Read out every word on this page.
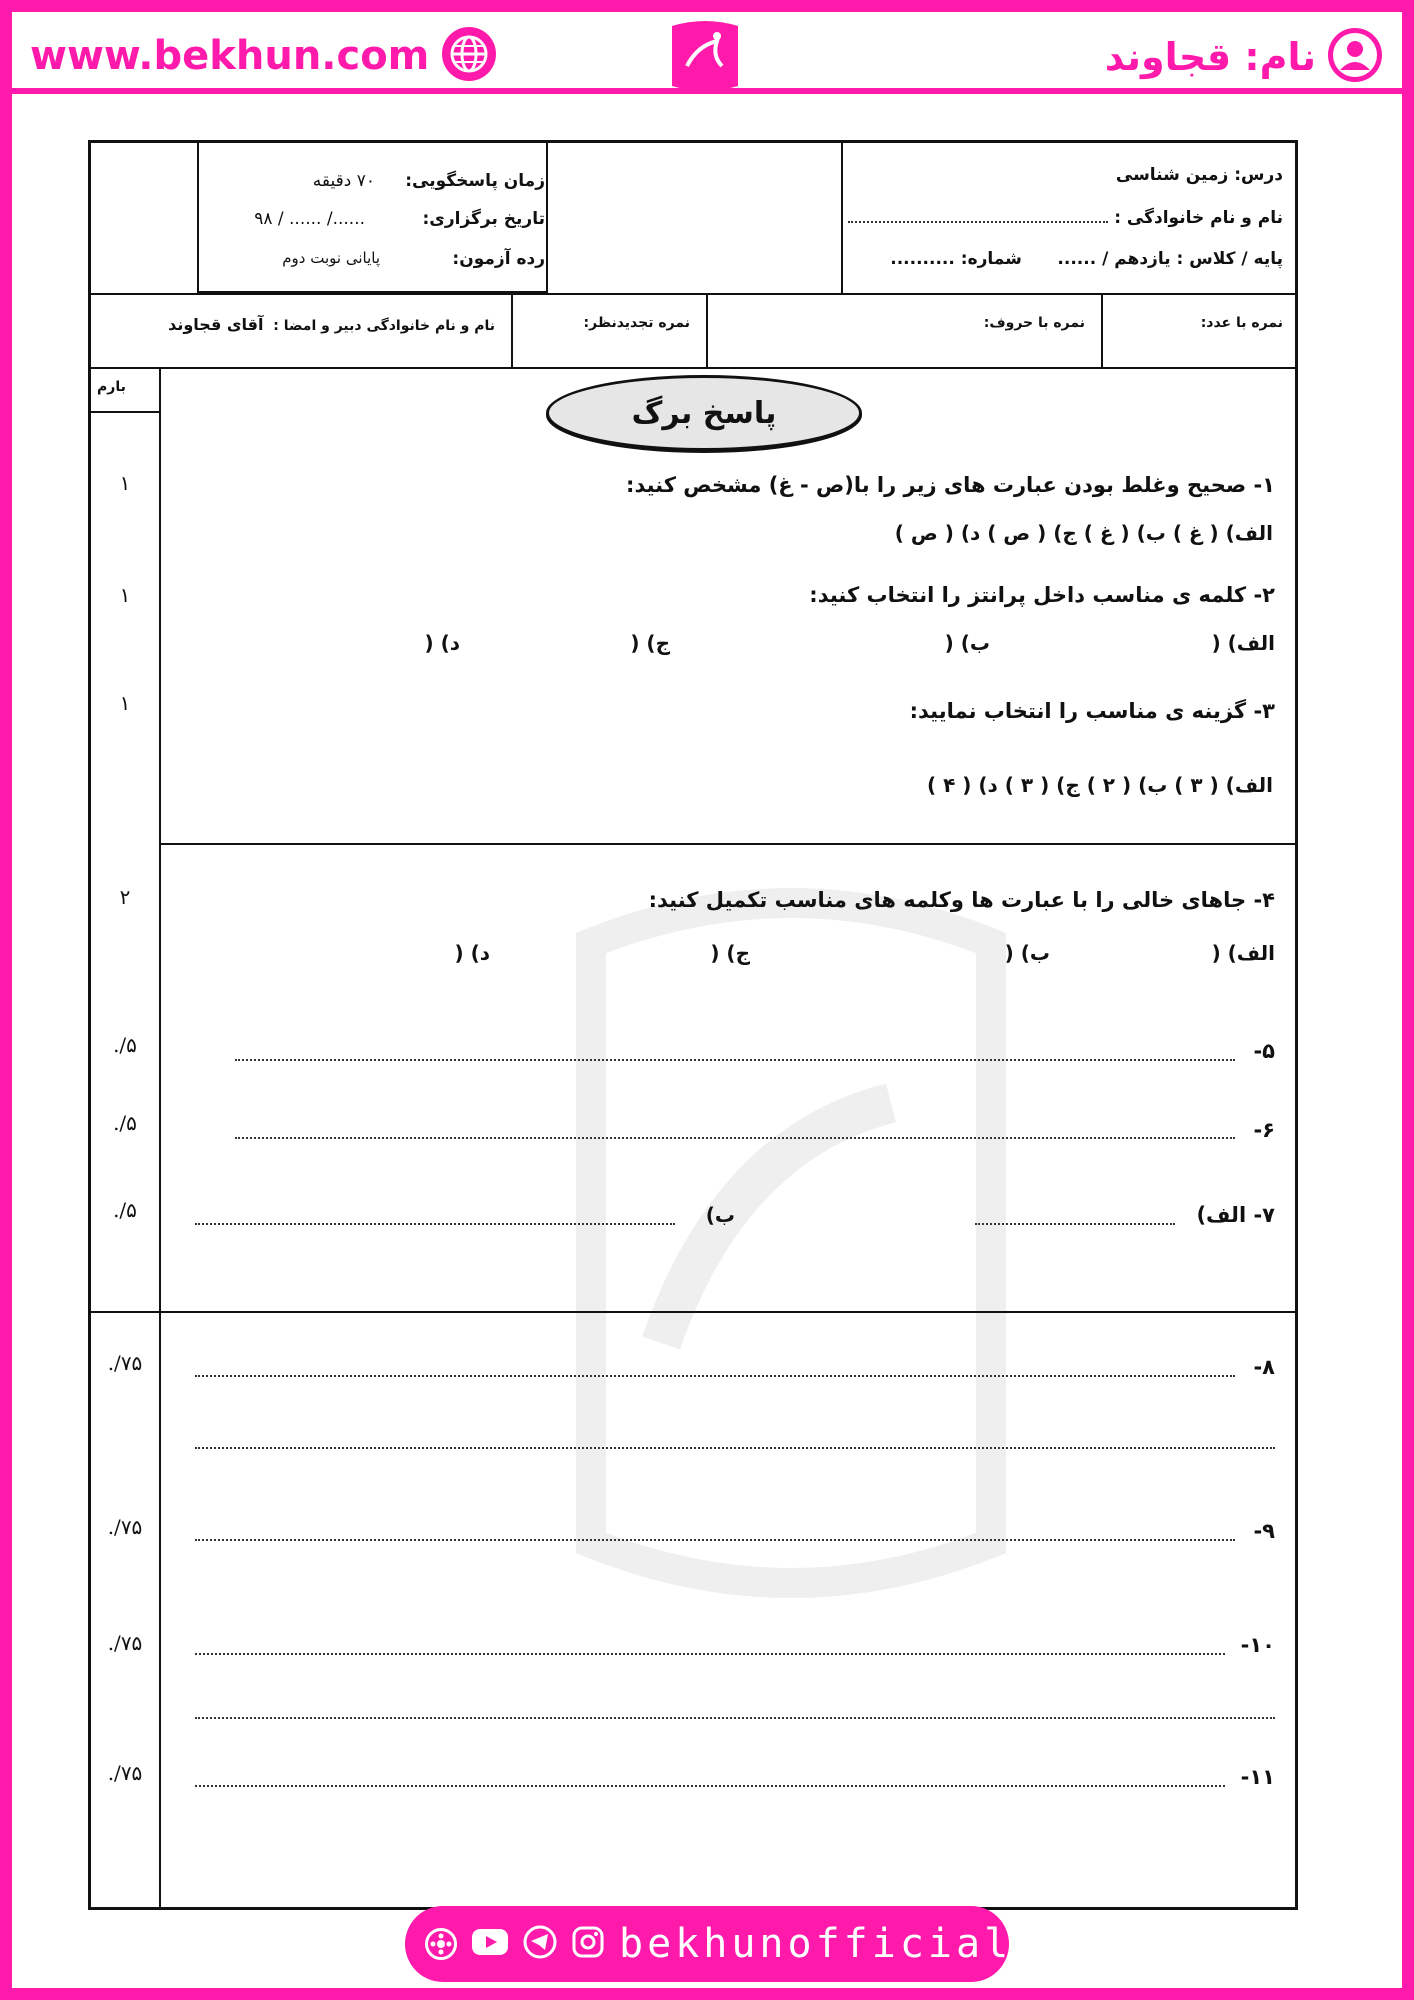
www.bekhun.com	نام: قجاوند
درس: زمین شناسی
نام و نام خانوادگی :
پایه / کلاس : یازدهم / ......      شماره: ..........
زمان پاسخگویی:
۷۰ دقیقه
تاریخ برگزاری:
....../ ...... / ۹۸
رده آزمون:
پایانی نوبت دوم
نمره با عدد:
نمره با حروف:
نمره تجدیدنظر:
نام و نام خانوادگی دبیر و امضا :  آقای قجاوند
بارم
پاسخ برگ
۱	۱- صحیح وغلط بودن عبارت های زیر را با(ص - غ) مشخص کنید:
الف) ( غ ) ب) ( غ ) ج) ( ص ) د) ( ص )
۱	۲- کلمه ی مناسب داخل پرانتز را انتخاب کنید:
الف) (
ب) (
ج) (
د) (
۱	۳- گزینه ی مناسب را انتخاب نمایید:
الف) ( ۳ ) ب) ( ۲ ) ج) ( ۳ ) د) ( ۴ )
۲	۴- جاهای خالی را با عبارت ها وکلمه های مناسب تکمیل کنید:
الف) (
ب) (
ج) (
د) (
۵/.	۵-
۵/.	۶-
۵/.	۷- الف)
ب)
۷۵/.	۸-
۷۵/.	۹-
۷۵/.	۱۰-
۷۵/.	۱۱-
bekhunofficial
